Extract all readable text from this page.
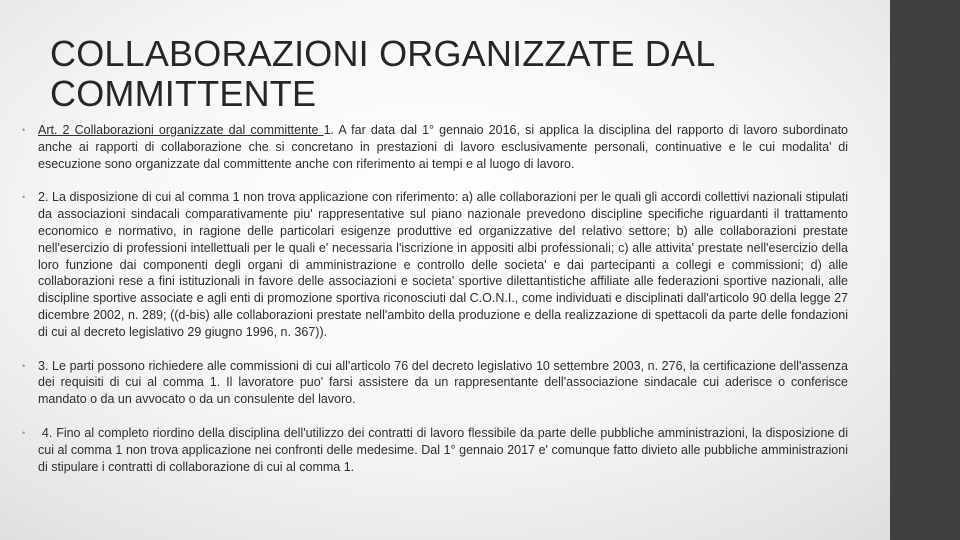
COLLABORAZIONI ORGANIZZATE DAL COMMITTENTE
•	Art. 2 Collaborazioni organizzate dal committente 1. A far data dal 1° gennaio 2016, si applica la disciplina del rapporto di lavoro subordinato anche ai rapporti di collaborazione che si concretano in prestazioni di lavoro esclusivamente personali, continuative e le cui modalita' di esecuzione sono organizzate dal committente anche con riferimento ai tempi e al luogo di lavoro.
•	2. La disposizione di cui al comma 1 non trova applicazione con riferimento: a) alle collaborazioni per le quali gli accordi collettivi nazionali stipulati da associazioni sindacali comparativamente piu' rappresentative sul piano nazionale prevedono discipline specifiche riguardanti il trattamento economico e normativo, in ragione delle particolari esigenze produttive ed organizzative del relativo settore; b) alle collaborazioni prestate nell'esercizio di professioni intellettuali per le quali e' necessaria l'iscrizione in appositi albi professionali; c) alle attivita' prestate nell'esercizio della loro funzione dai componenti degli organi di amministrazione e controllo delle societa' e dai partecipanti a collegi e commissioni; d) alle collaborazioni rese a fini istituzionali in favore delle associazioni e societa' sportive dilettantistiche affiliate alle federazioni sportive nazionali, alle discipline sportive associate e agli enti di promozione sportiva riconosciuti dal C.O.N.I., come individuati e disciplinati dall'articolo 90 della legge 27 dicembre 2002, n. 289; ((d-bis) alle collaborazioni prestate nell'ambito della produzione e della realizzazione di spettacoli da parte delle fondazioni di cui al decreto legislativo 29 giugno 1996, n. 367)).
•	3. Le parti possono richiedere alle commissioni di cui all'articolo 76 del decreto legislativo 10 settembre 2003, n. 276, la certificazione dell'assenza dei requisiti di cui al comma 1. Il lavoratore puo' farsi assistere da un rappresentante dell'associazione sindacale cui aderisce o conferisce mandato o da un avvocato o da un consulente del lavoro.
•	4. Fino al completo riordino della disciplina dell'utilizzo dei contratti di lavoro flessibile da parte delle pubbliche amministrazioni, la disposizione di cui al comma 1 non trova applicazione nei confronti delle medesime. Dal 1° gennaio 2017 e' comunque fatto divieto alle pubbliche amministrazioni di stipulare i contratti di collaborazione di cui al comma 1.
